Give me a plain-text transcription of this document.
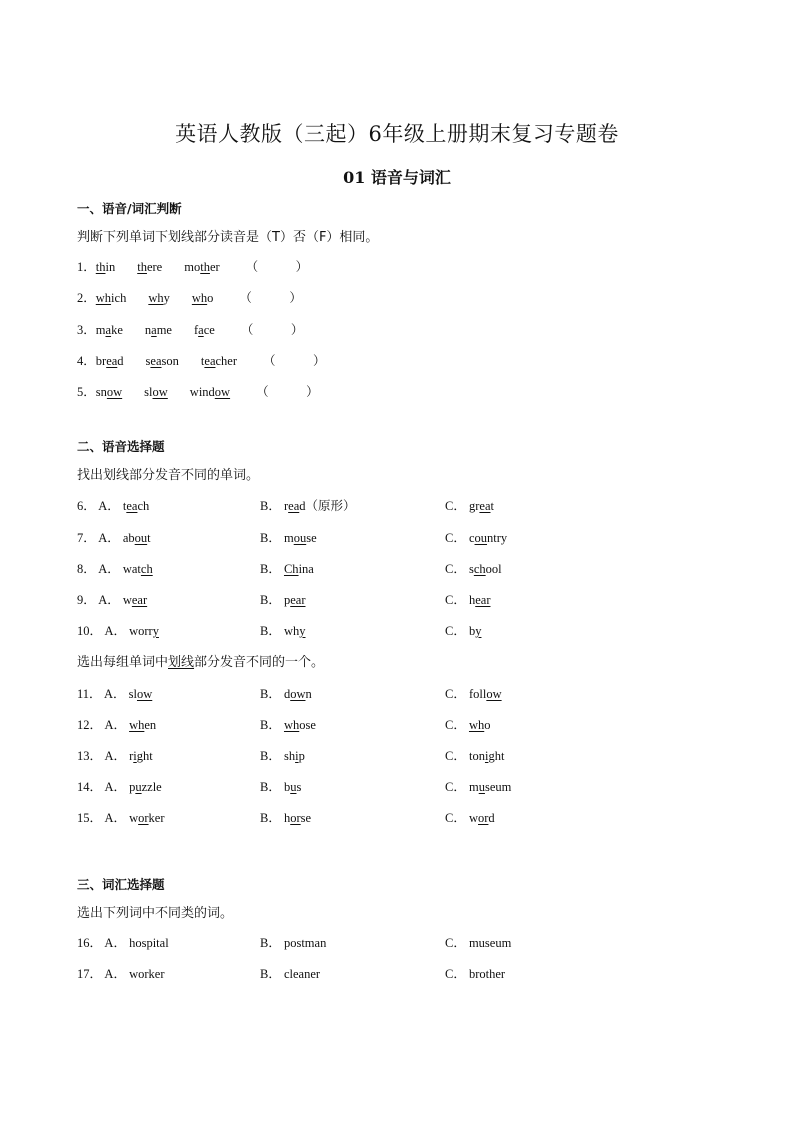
英语人教版（三起）6年级上册期末复习专题卷
01 语音与词汇
一、语音/词汇判断
判断下列单词下划线部分读音是（T）否（F）相同。
1．thin there mother （　　　）
2．which why who （　　　）
3．make name face （　　　）
4．bread season teacher （　　　）
5．snow slow window （　　　）
二、语音选择题
找出划线部分发音不同的单词。
选出每组单词中划线部分发音不同的一个。
6． A． teach	B． read（原形）	C． great
7． A． about	B． mouse	C． country
8． A． watch	B． China	C． school
9． A． wear	B． pear	C． hear
10． A． worry	B． why	C． by
11． A． slow	B． down	C． follow
12． A． when	B． whose	C． who
13． A． right	B． ship	C． tonight
14． A． puzzle	B． bus	C． museum
15． A． worker	B． horse	C． word
三、词汇选择题
选出下列词中不同类的词。
16． A． hospital	B． postman	C． museum
17． A． worker	B． cleaner	C． brother
